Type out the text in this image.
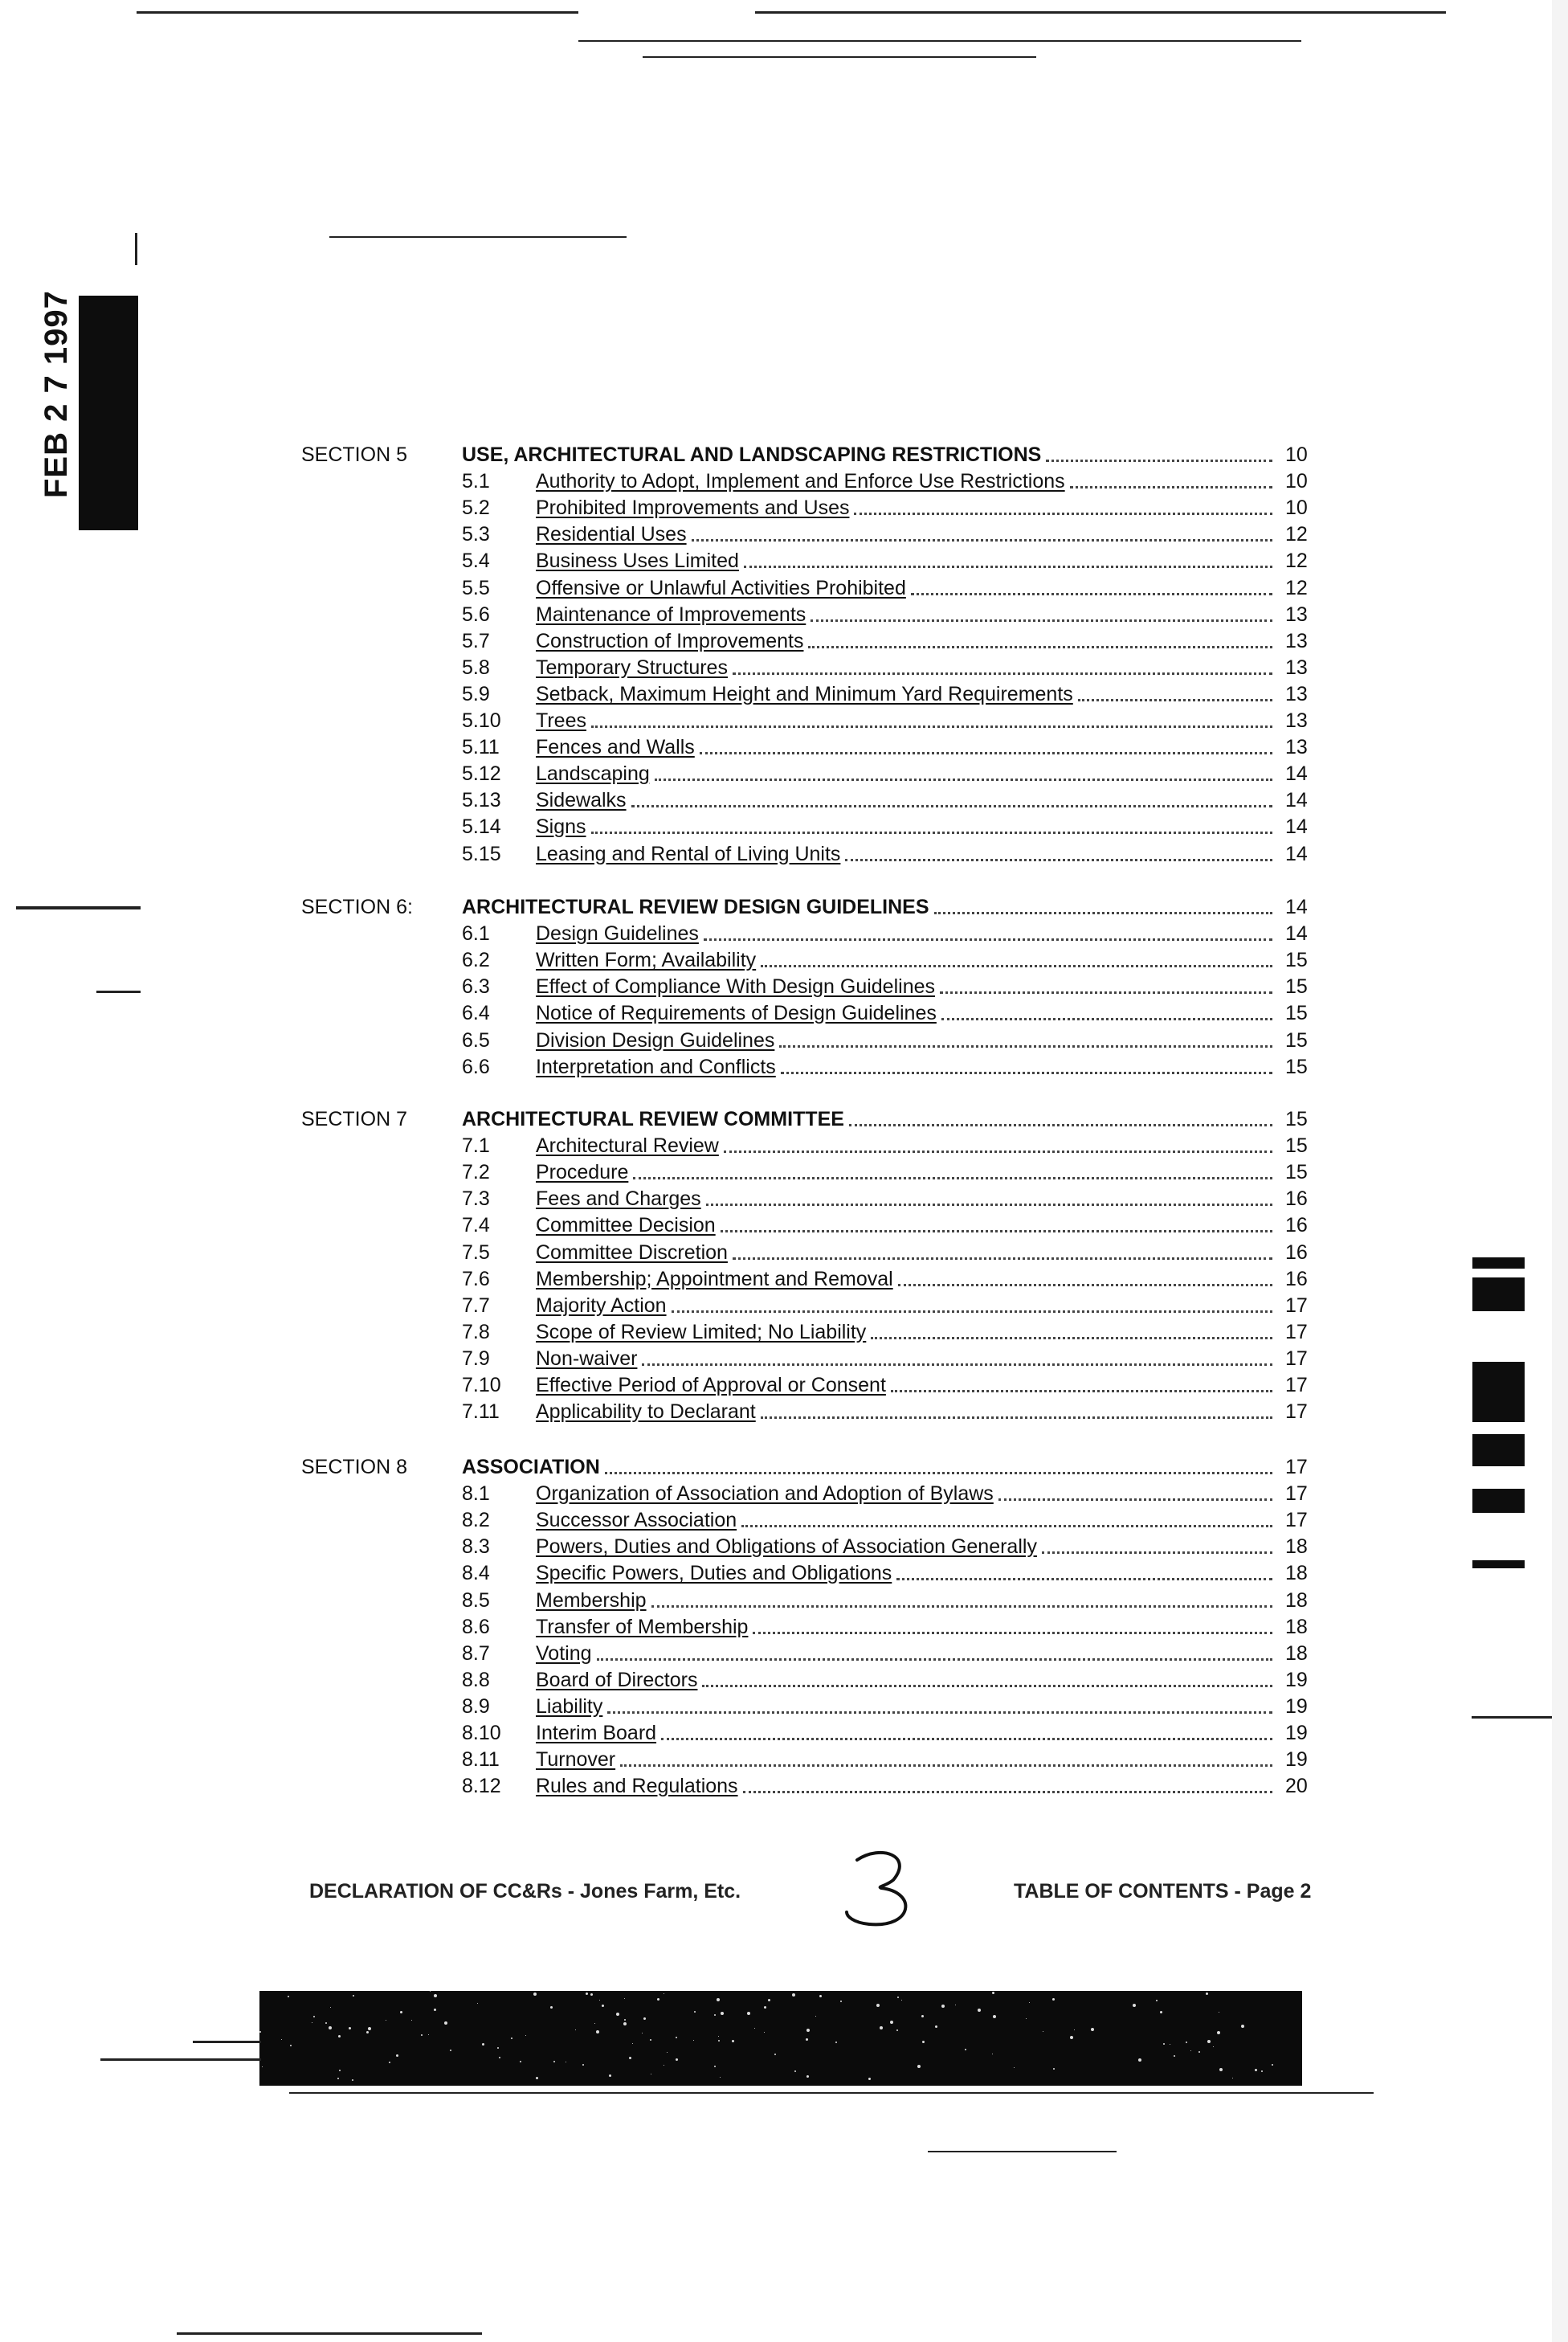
FEB 2 7 1997	SECTION 5	USE, ARCHITECTURAL AND LANDSCAPING RESTRICTIONS	10
5.1	Authority to Adopt, Implement and Enforce Use Restrictions	10
5.2	Prohibited Improvements and Uses	10
5.3	Residential Uses	12
5.4	Business Uses Limited	12
5.5	Offensive or Unlawful Activities Prohibited	12
5.6	Maintenance of Improvements	13
5.7	Construction of Improvements	13
5.8	Temporary Structures	13
5.9	Setback, Maximum Height and Minimum Yard Requirements	13
5.10	Trees	13
5.11	Fences and Walls	13
5.12	Landscaping	14
5.13	Sidewalks	14
5.14	Signs	14
5.15	Leasing and Rental of Living Units	14
SECTION 6:	ARCHITECTURAL REVIEW DESIGN GUIDELINES	14
6.1	Design Guidelines	14
6.2	Written Form; Availability	15
6.3	Effect of Compliance With Design Guidelines	15
6.4	Notice of Requirements of Design Guidelines	15
6.5	Division Design Guidelines	15
6.6	Interpretation and Conflicts	15
SECTION 7	ARCHITECTURAL REVIEW COMMITTEE	15
7.1	Architectural Review	15
7.2	Procedure	15
7.3	Fees and Charges	16
7.4	Committee Decision	16
7.5	Committee Discretion	16
7.6	Membership; Appointment and Removal	16
7.7	Majority Action	17
7.8	Scope of Review Limited; No Liability	17
7.9	Non-waiver	17
7.10	Effective Period of Approval or Consent	17
7.11	Applicability to Declarant	17
SECTION 8	ASSOCIATION	17
8.1	Organization of Association and Adoption of Bylaws	17
8.2	Successor Association	17
8.3	Powers, Duties and Obligations of Association Generally	18
8.4	Specific Powers, Duties and Obligations	18
8.5	Membership	18
8.6	Transfer of Membership	18
8.7	Voting	18
8.8	Board of Directors	19
8.9	Liability	19
8.10	Interim Board	19
8.11	Turnover	19
8.12	Rules and Regulations	20
DECLARATION OF CC&Rs - Jones Farm, Etc.	TABLE OF CONTENTS - Page 2
